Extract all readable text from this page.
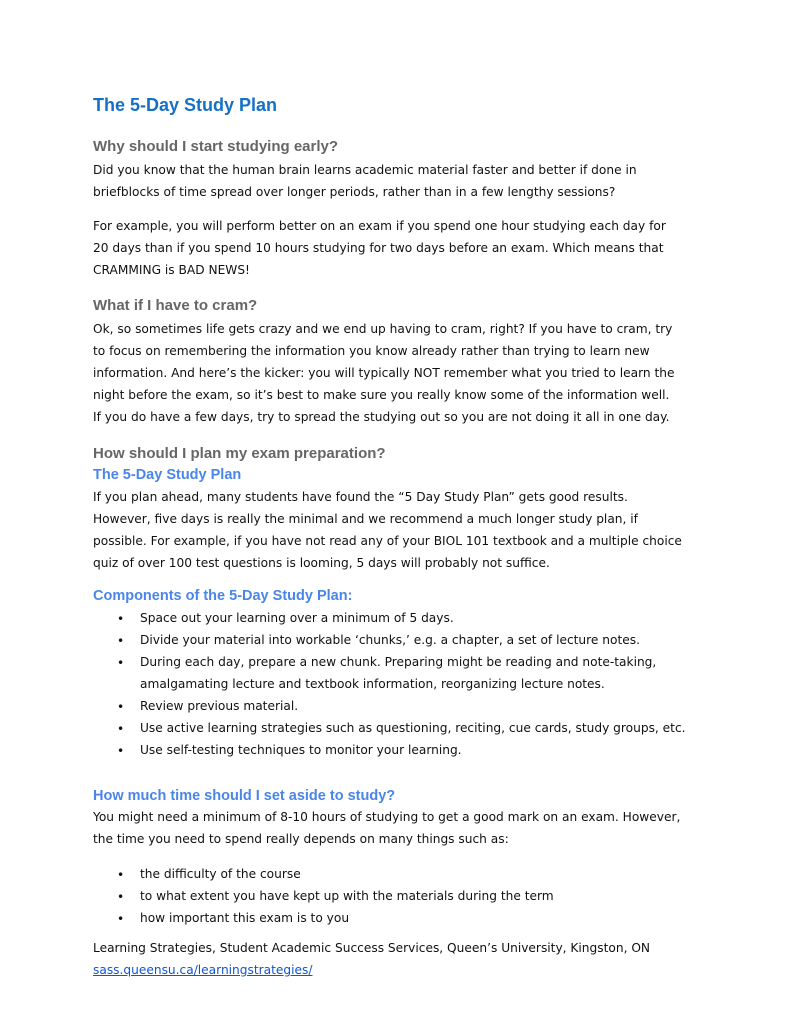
The 5-Day Study Plan
Why should I start studying early?
Did you know that the human brain learns academic material faster and better if done in
briefblocks of time spread over longer periods, rather than in a few lengthy sessions?
For example, you will perform better on an exam if you spend one hour studying each day for
20 days than if you spend 10 hours studying for two days before an exam. Which means that
CRAMMING is BAD NEWS!
What if I have to cram?
Ok, so sometimes life gets crazy and we end up having to cram, right? If you have to cram, try
to focus on remembering the information you know already rather than trying to learn new
information. And here’s the kicker: you will typically NOT remember what you tried to learn the
night before the exam, so it’s best to make sure you really know some of the information well.
If you do have a few days, try to spread the studying out so you are not doing it all in one day.
How should I plan my exam preparation?
The 5-Day Study Plan
If you plan ahead, many students have found the “5 Day Study Plan” gets good results.
However, five days is really the minimal and we recommend a much longer study plan, if
possible. For example, if you have not read any of your BIOL 101 textbook and a multiple choice
quiz of over 100 test questions is looming, 5 days will probably not suffice.
Components of the 5-Day Study Plan:
• Space out your learning over a minimum of 5 days.
• Divide your material into workable ‘chunks,’ e.g. a chapter, a set of lecture notes.
• During each day, prepare a new chunk. Preparing might be reading and note-taking,
amalgamating lecture and textbook information, reorganizing lecture notes.
• Review previous material.
• Use active learning strategies such as questioning, reciting, cue cards, study groups, etc.
• Use self-testing techniques to monitor your learning.
How much time should I set aside to study?
You might need a minimum of 8-10 hours of studying to get a good mark on an exam. However,
the time you need to spend really depends on many things such as:
• the difficulty of the course
• to what extent you have kept up with the materials during the term
• how important this exam is to you
Learning Strategies, Student Academic Success Services, Queen’s University, Kingston, ON
sass.queensu.ca/learningstrategies/
